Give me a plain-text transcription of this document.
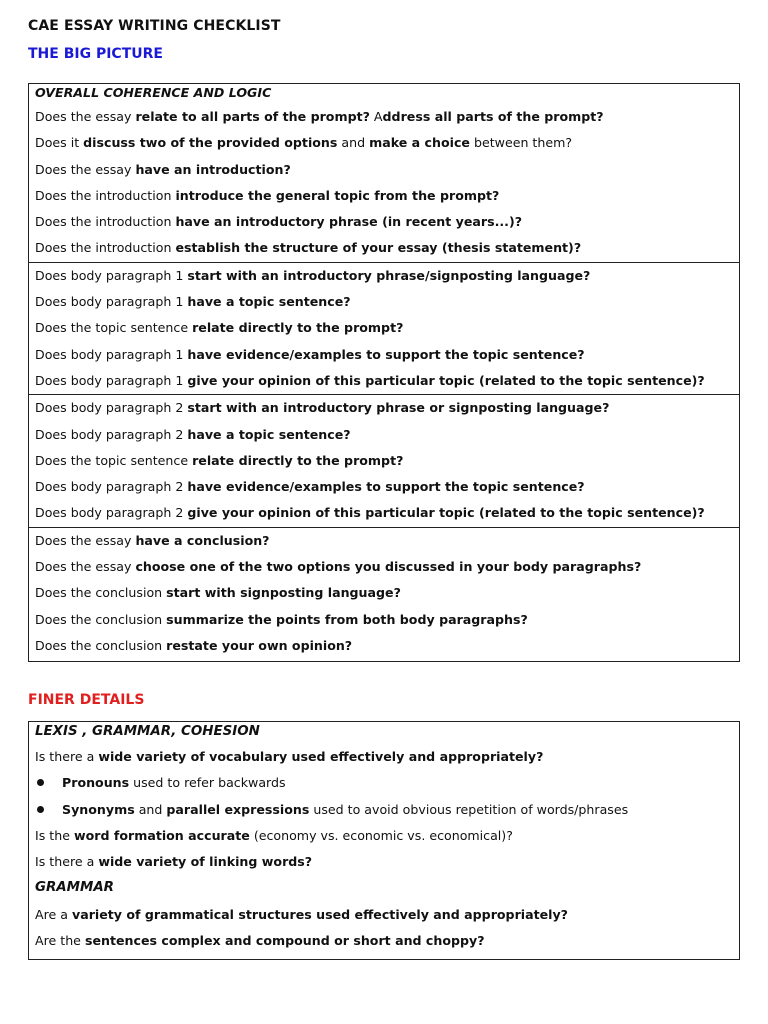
CAE ESSAY WRITING CHECKLIST
THE BIG PICTURE
OVERALL COHERENCE AND LOGIC
Does the essay relate to all parts of the prompt? Address all parts of the prompt?
Does it discuss two of the provided options and make a choice between them?
Does the essay have an introduction?
Does the introduction introduce the general topic from the prompt?
Does the introduction have an introductory phrase (in recent years...)?
Does the introduction establish the structure of your essay (thesis statement)?
Does body paragraph 1 start with an introductory phrase/signposting language?
Does body paragraph 1 have a topic sentence?
Does the topic sentence relate directly to the prompt?
Does body paragraph 1 have evidence/examples to support the topic sentence?
Does body paragraph 1 give your opinion of this particular topic (related to the topic sentence)?
Does body paragraph 2 start with an introductory phrase or signposting language?
Does body paragraph 2 have a topic sentence?
Does the topic sentence relate directly to the prompt?
Does body paragraph 2 have evidence/examples to support the topic sentence?
Does body paragraph 2 give your opinion of this particular topic (related to the topic sentence)?
Does the essay have a conclusion?
Does the essay choose one of the two options you discussed in your body paragraphs?
Does the conclusion start with signposting language?
Does the conclusion summarize the points from both body paragraphs?
Does the conclusion restate your own opinion?
FINER DETAILS
LEXIS , GRAMMAR, COHESION
Is there a wide variety of vocabulary used effectively and appropriately?
Pronouns used to refer backwards
Synonyms and parallel expressions used to avoid obvious repetition of words/phrases
Is the word formation accurate (economy vs. economic vs. economical)?
Is there a wide variety of linking words?
GRAMMAR
Are a variety of grammatical structures used effectively and appropriately?
Are the sentences complex and compound or short and choppy?
